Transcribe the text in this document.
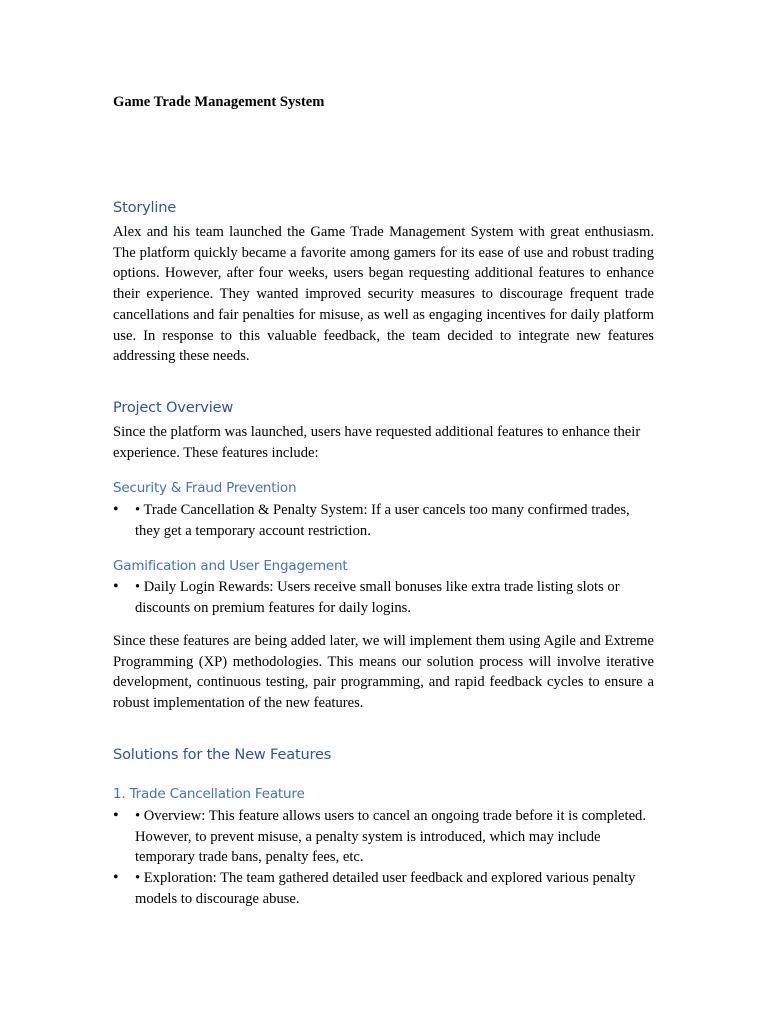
Game Trade Management System
Storyline

Alex and his team launched the Game Trade Management System with great enthusiasm. The platform quickly became a favorite among gamers for its ease of use and robust trading options. However, after four weeks, users began requesting additional features to enhance their experience. They wanted improved security measures to discourage frequent trade cancellations and fair penalties for misuse, as well as engaging incentives for daily platform use. In response to this valuable feedback, the team decided to integrate new features addressing these needs.

Project Overview

Since the platform was launched, users have requested additional features to enhance their experience. These features include:

Security & Fraud Prevention
• • Trade Cancellation & Penalty System: If a user cancels too many confirmed trades, they get a temporary account restriction.
Gamification and User Engagement
• • Daily Login Rewards: Users receive small bonuses like extra trade listing slots or discounts on premium features for daily logins.

Since these features are being added later, we will implement them using Agile and Extreme Programming (XP) methodologies. This means our solution process will involve iterative development, continuous testing, pair programming, and rapid feedback cycles to ensure a robust implementation of the new features.

Solutions for the New Features
1. Trade Cancellation Feature
• • Overview: This feature allows users to cancel an ongoing trade before it is completed. However, to prevent misuse, a penalty system is introduced, which may include temporary trade bans, penalty fees, etc.
• • Exploration: The team gathered detailed user feedback and explored various penalty models to discourage abuse.
